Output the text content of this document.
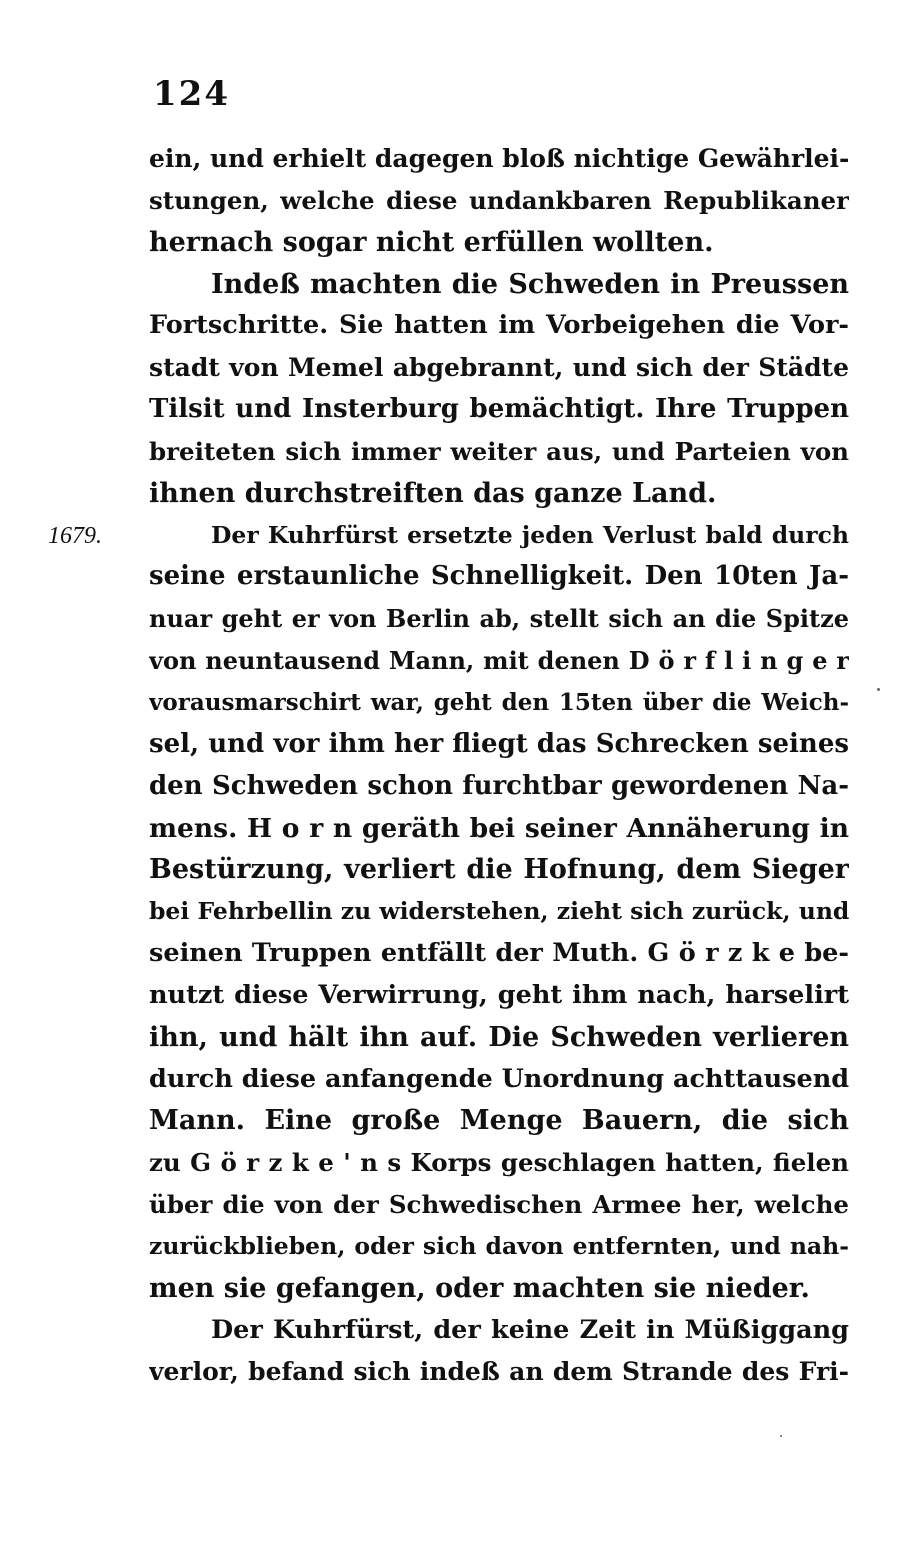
124
1679.
ein, und erhielt dagegen bloß nichtige Gewährlei-
stungen, welche diese undankbaren Republikaner
hernach sogar nicht erfüllen wollten.
Indeß machten die Schweden in Preussen
Fortschritte. Sie hatten im Vorbeigehen die Vor-
stadt von Memel abgebrannt, und sich der Städte
Tilsit und Insterburg bemächtigt. Ihre Truppen
breiteten sich immer weiter aus, und Parteien von
ihnen durchstreiften das ganze Land.
Der Kuhrfürst ersetzte jeden Verlust bald durch
seine erstaunliche Schnelligkeit. Den 10ten Ja-
nuar geht er von Berlin ab, stellt sich an die Spitze
von neuntausend Mann, mit denen D ö r f l i n g e r
vorausmarschirt war, geht den 15ten über die Weich-
sel, und vor ihm her fliegt das Schrecken seines
den Schweden schon furchtbar gewordenen Na-
mens. H o r n geräth bei seiner Annäherung in
Bestürzung, verliert die Hofnung, dem Sieger
bei Fehrbellin zu widerstehen, zieht sich zurück, und
seinen Truppen entfällt der Muth. G ö r z k e be-
nutzt diese Verwirrung, geht ihm nach, harselirt
ihn, und hält ihn auf. Die Schweden verlieren
durch diese anfangende Unordnung achttausend
Mann. Eine große Menge Bauern, die sich
zu G ö r z k e ' n s Korps geschlagen hatten, fielen
über die von der Schwedischen Armee her, welche
zurückblieben, oder sich davon entfernten, und nah-
men sie gefangen, oder machten sie nieder.
Der Kuhrfürst, der keine Zeit in Müßiggang
verlor, befand sich indeß an dem Strande des Fri-
